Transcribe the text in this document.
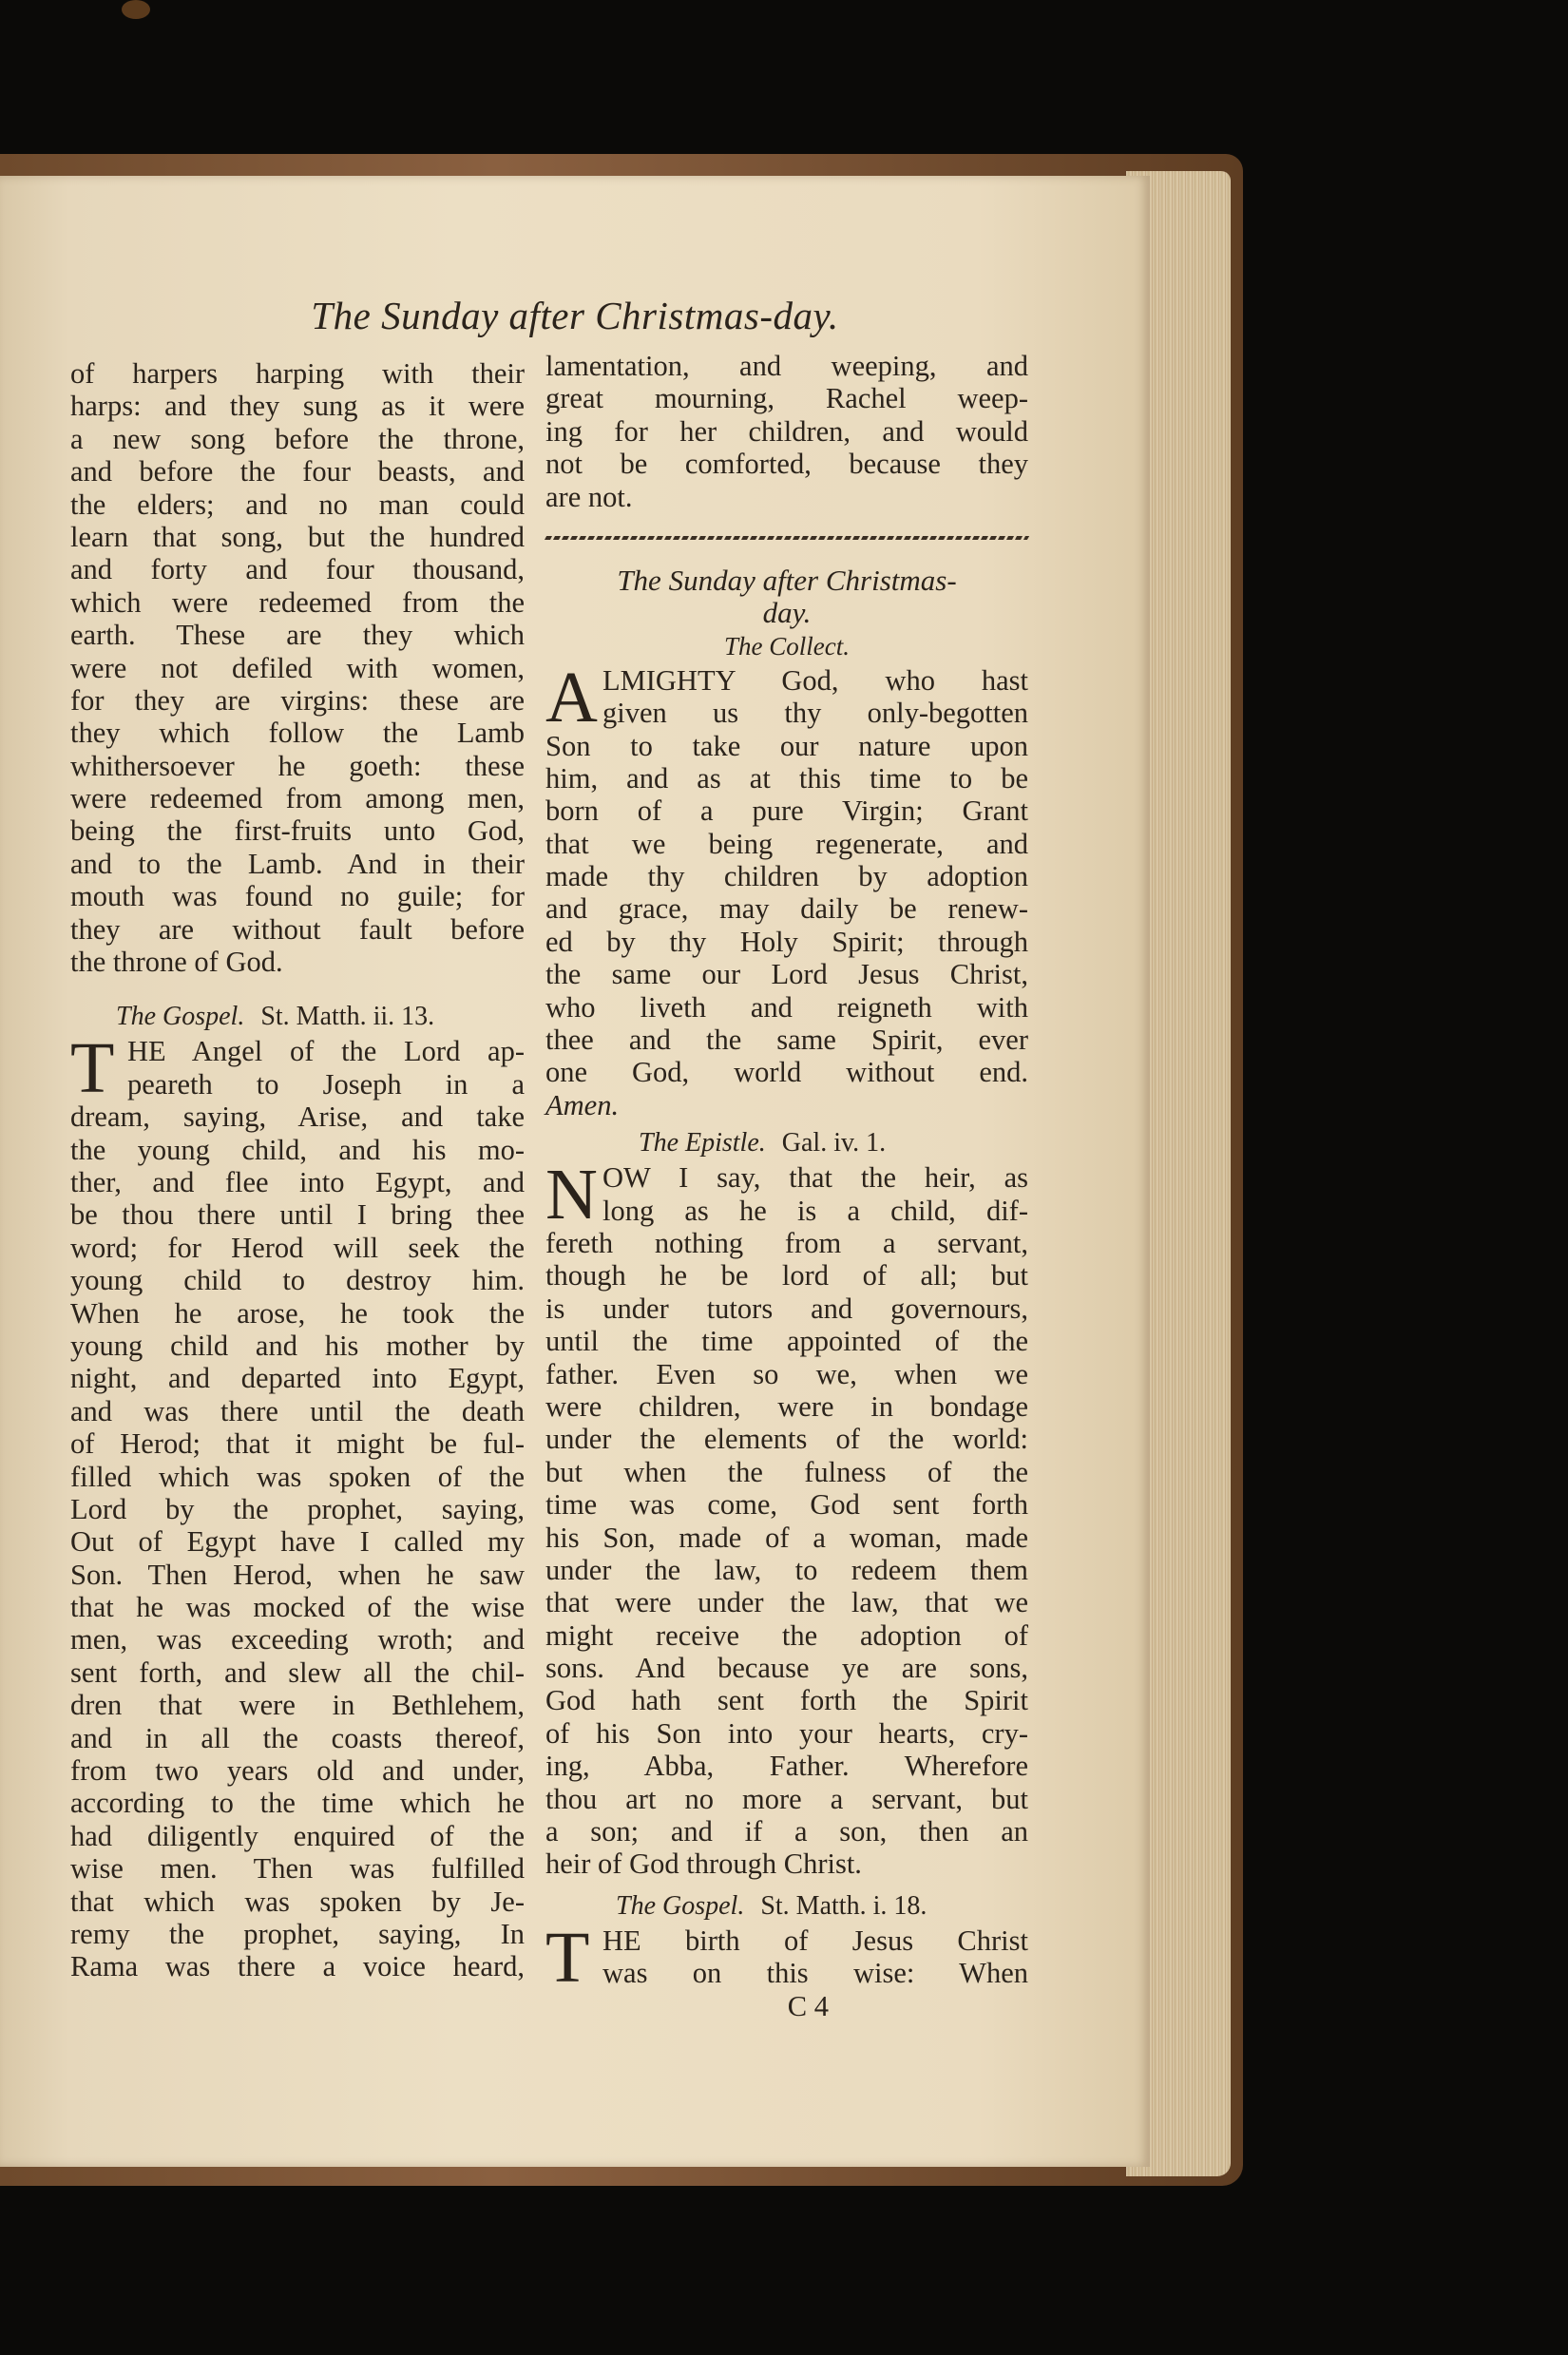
The Sunday after Christmas-day.
of harpers harping with their
harps: and they sung as it were
a new song before the throne,
and before the four beasts, and
the elders; and no man could
learn that song, but the hundred
and forty and four thousand,
which were redeemed from the
earth. These are they which
were not defiled with women,
for they are virgins: these are
they which follow the Lamb
whithersoever he goeth: these
were redeemed from among men,
being the first-fruits unto God,
and to the Lamb. And in their
mouth was found no guile; for
they are without fault before
the throne of God.
The Gospel. St. Matth. ii. 13.
T HE Angel of the Lord ap-
peareth to Joseph in a
dream, saying, Arise, and take
the young child, and his mo-
ther, and flee into Egypt, and
be thou there until I bring thee
word; for Herod will seek the
young child to destroy him.
When he arose, he took the
young child and his mother by
night, and departed into Egypt,
and was there until the death
of Herod; that it might be ful-
filled which was spoken of the
Lord by the prophet, saying,
Out of Egypt have I called my
Son. Then Herod, when he saw
that he was mocked of the wise
men, was exceeding wroth; and
sent forth, and slew all the chil-
dren that were in Bethlehem,
and in all the coasts thereof,
from two years old and under,
according to the time which he
had diligently enquired of the
wise men. Then was fulfilled
that which was spoken by Je-
remy the prophet, saying, In
Rama was there a voice heard,
lamentation, and weeping, and
great mourning, Rachel weep-
ing for her children, and would
not be comforted, because they
are not.
The Sunday after Christmas-
day.
The Collect.
A LMIGHTY God, who hast
given us thy only-begotten
Son to take our nature upon
him, and as at this time to be
born of a pure Virgin; Grant
that we being regenerate, and
made thy children by adoption
and grace, may daily be renew-
ed by thy Holy Spirit; through
the same our Lord Jesus Christ,
who liveth and reigneth with
thee and the same Spirit, ever
one God, world without end.
Amen.
The Epistle. Gal. iv. 1.
N OW I say, that the heir, as
long as he is a child, dif-
fereth nothing from a servant,
though he be lord of all; but
is under tutors and governours,
until the time appointed of the
father. Even so we, when we
were children, were in bondage
under the elements of the world:
but when the fulness of the
time was come, God sent forth
his Son, made of a woman, made
under the law, to redeem them
that were under the law, that we
might receive the adoption of
sons. And because ye are sons,
God hath sent forth the Spirit
of his Son into your hearts, cry-
ing, Abba, Father. Wherefore
thou art no more a servant, but
a son; and if a son, then an
heir of God through Christ.
The Gospel. St. Matth. i. 18.
T HE birth of Jesus Christ
was on this wise: When
C 4
